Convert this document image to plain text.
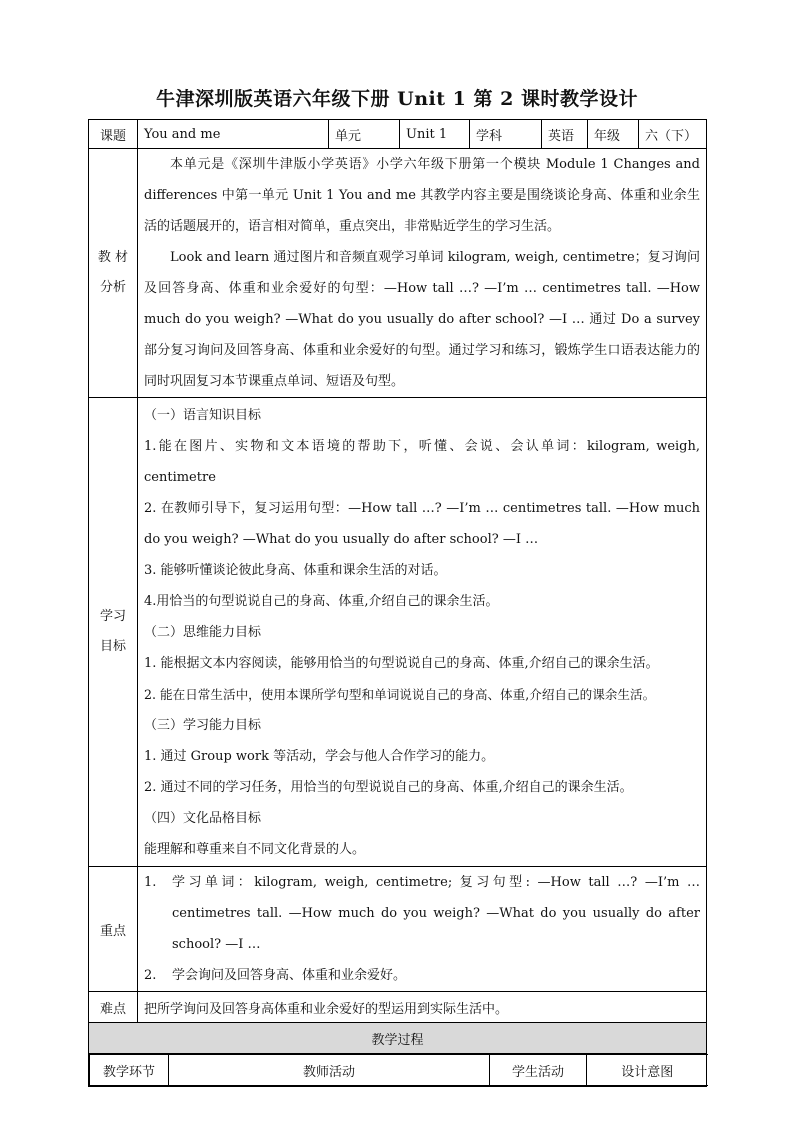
牛津深圳版英语六年级下册 Unit 1 第 2 课时教学设计
课题	You and me	单元	Unit 1	学科	英语	年级	六（下）

教 材
分析

本单元是《深圳牛津版小学英语》小学六年级下册第一个模块 Module 1 Changes and differences 中第一单元 Unit 1 You and me 其教学内容主要是围绕谈论身高、体重和业余生活的话题展开的，语言相对简单，重点突出，非常贴近学生的学习生活。
Look and learn 通过图片和音频直观学习单词 kilogram, weigh, centimetre；复习询问及回答身高、体重和业余爱好的句型：—How tall …? —I’m … centimetres tall. —How much do you weigh? —What do you usually do after school? —I … 通过 Do a survey 部分复习询问及回答身高、体重和业余爱好的句型。通过学习和练习，锻炼学生口语表达能力的同时巩固复习本节课重点单词、短语及句型。

学习
目标

（一）语言知识目标
1.能在图片、实物和文本语境的帮助下，听懂、会说、会认单词：kilogram, weigh, centimetre
2. 在教师引导下，复习运用句型：—How tall …? —I’m … centimetres tall. —How much do you weigh? —What do you usually do after school? —I …
3. 能够听懂谈论彼此身高、体重和课余生活的对话。
4.用恰当的句型说说自己的身高、体重,介绍自己的课余生活。
（二）思维能力目标
1. 能根据文本内容阅读，能够用恰当的句型说说自己的身高、体重,介绍自己的课余生活。
2. 能在日常生活中，使用本课所学句型和单词说说自己的身高、体重,介绍自己的课余生活。
（三）学习能力目标
1. 通过 Group work 等活动，学会与他人合作学习的能力。
2. 通过不同的学习任务，用恰当的句型说说自己的身高、体重,介绍自己的课余生活。
（四）文化品格目标
能理解和尊重来自不同文化背景的人。

重点	
1.	学习单词：kilogram, weigh, centimetre; 复习句型: —How tall …? —I’m … centimetres tall. —How much do you weigh? —What do you usually do after school? —I …
2.	学会询问及回答身高、体重和业余爱好。

难点	把所学询问及回答身高体重和业余爱好的型运用到实际生活中。
教学过程

教学环节	教师活动	学生活动	设计意图
